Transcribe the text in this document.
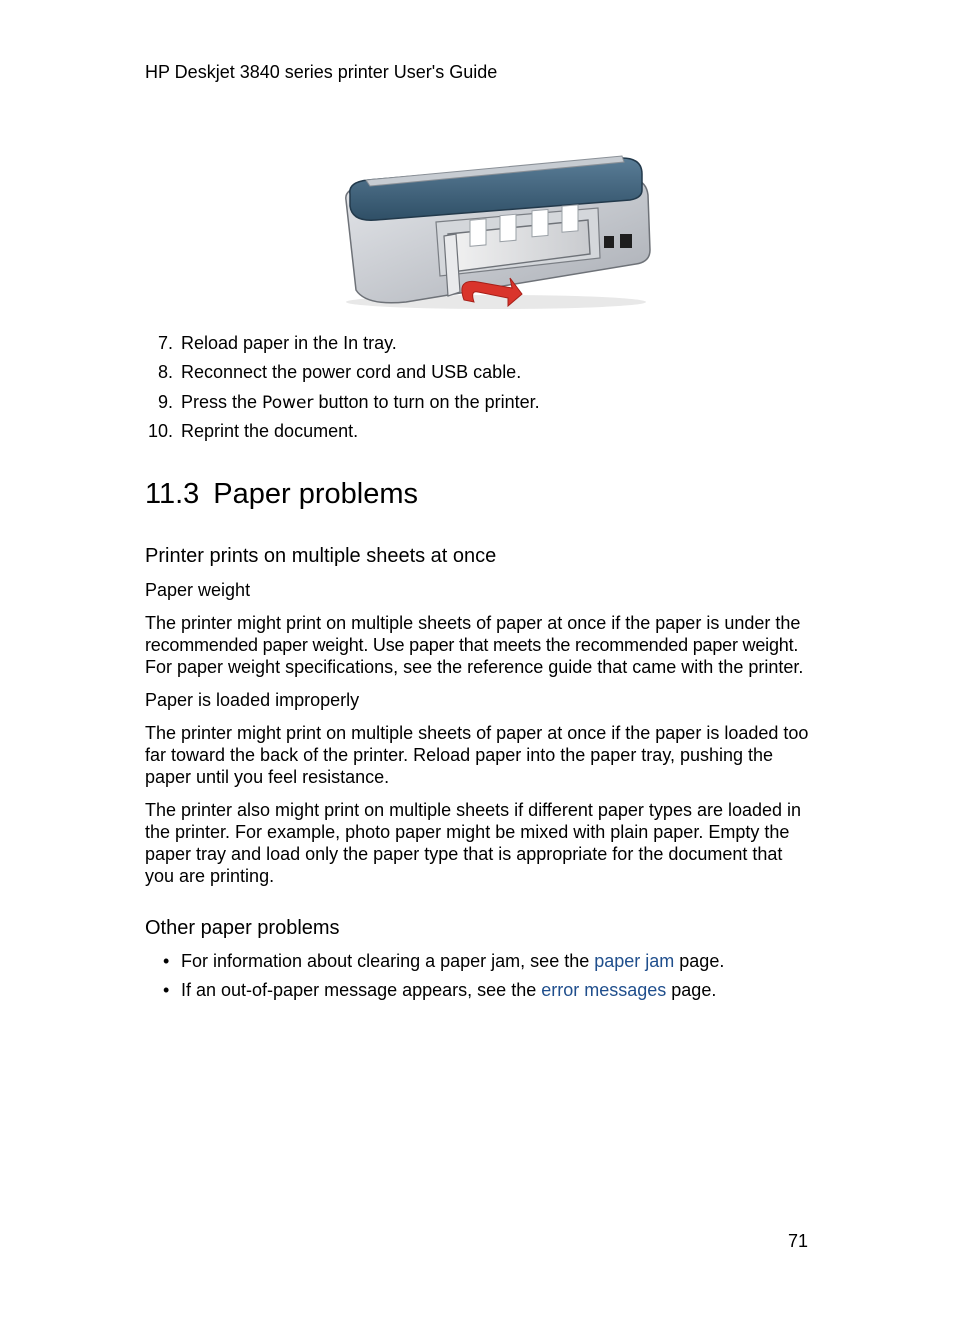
HP Deskjet 3840 series printer User's Guide
7. Reload paper in the In tray.
8. Reconnect the power cord and USB cable.
9. Press the Power button to turn on the printer.
10. Reprint the document.
11.3 Paper problems
Printer prints on multiple sheets at once
Paper weight
The printer might print on multiple sheets of paper at once if the paper is under the
recommended paper weight. Use paper that meets the recommended paper weight.
For paper weight specifications, see the reference guide that came with the printer.
Paper is loaded improperly
The printer might print on multiple sheets of paper at once if the paper is loaded too
far toward the back of the printer. Reload paper into the paper tray, pushing the
paper until you feel resistance.
The printer also might print on multiple sheets if different paper types are loaded in
the printer. For example, photo paper might be mixed with plain paper. Empty the
paper tray and load only the paper type that is appropriate for the document that
you are printing.
Other paper problems
• For information about clearing a paper jam, see the paper jam page.
• If an out-of-paper message appears, see the error messages page.
71
